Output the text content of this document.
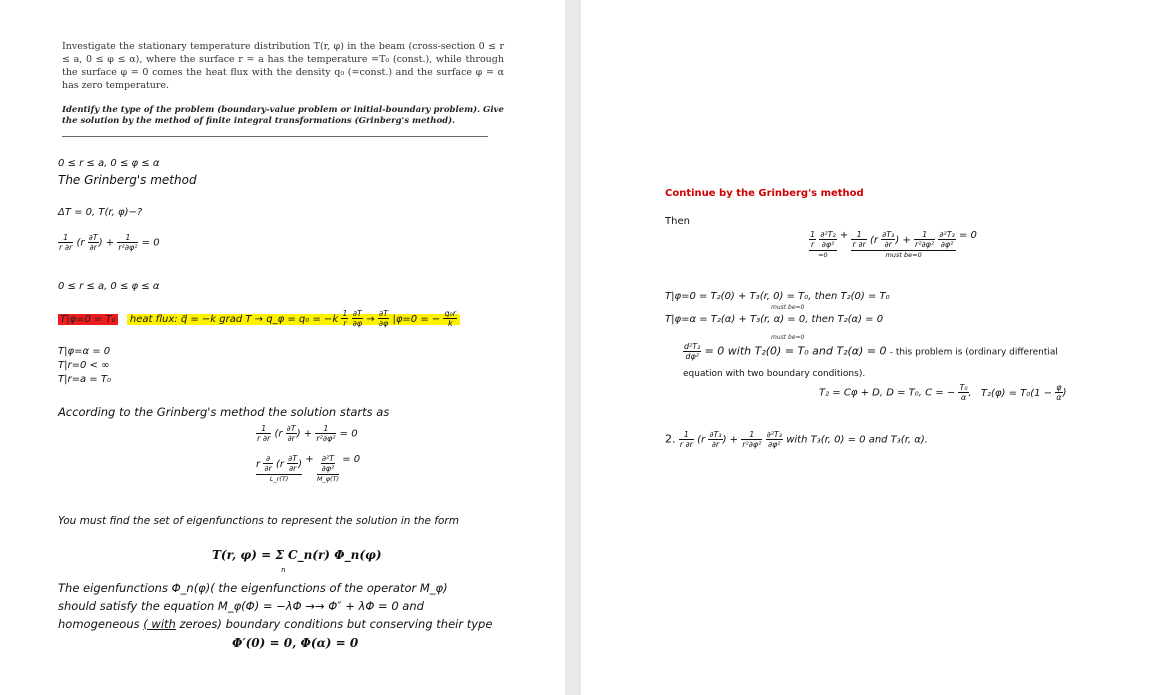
Investigate the stationary temperature distribution T(r, φ) in the beam (cross-section 0 ≤ r ≤ a, 0 ≤ φ ≤ α), where the surface r = a has the temperature =T₀ (const.), while through the surface φ = 0 comes the heat flux with the density q₀ (=const.) and the surface φ = α has zero temperature.
Identify the type of the problem (boundary-value problem or initial-boundary problem). Give the solution by the method of finite integral transformations (Grinberg's method).
0 ≤ r ≤ a, 0 ≤ φ ≤ α
The Grinberg's method
ΔT = 0, T(r, φ)−?
$\frac{1}{r \partial r} (r \frac{\partial T}{\partial r}$ ) + $\frac{1}{\text{r²∂φ²}} = 0$
0 ≤ r ≤ a, 0 ≤ φ ≤ α
T|φ=0 = T₀ heat flux: q⃗ = −k grad T → q_φ = $q_0 = -k \frac{1}{r}$
$\frac{\partial T}{\partial\varphi} \to \frac{\partial T}{\partial\varphi} |\varphi=0$ = − $\frac{\text{q₀r}}{k}$
T|φ=α = 0
T|r=0 < ∞
T|r=a = T₀
According to the Grinberg's method the solution starts as
$\frac{1}{r \partial r} (r \frac{\partial T}{\partial r}$ ) + $\frac{1}{\text{r²∂φ²}} = 0$
r $\frac{\partial}{\partial r} (r \frac{\partial T}{\partial r}$ )
L_r(T)
+ $\frac{\text{∂²T}}{\text{∂φ²}}$
M_φ(T)
= 0
You must find the set of eigenfunctions to represent the solution in the form
T(r, φ) = Σ C_n(r) Φ_n(φ)
n
The eigenfunctions Φ_n(φ)( the eigenfunctions of the operator M_φ)
should satisfy the equation M_φ(Φ) = −λΦ →→ Φ″ + λΦ = 0 and
homogeneous ( with zeroes) boundary conditions but conserving their type
Φ′(0) = 0, Φ(α) = 0
Continue by the Grinberg's method
Then
$\frac{1}{r}$
$\frac{\text{∂²T₂}}{\text{∂φ²}}$
=0
+ $\frac{1}{r \partial r} (r \frac{\text{∂T₃}}{\partial r}$ ) + $\frac{1}{\text{r²∂φ²}}$
$\frac{\text{∂²T₃}}{\text{∂φ²}}$
must be=0
= 0
T|φ=0 = T₂(0) + T₃(r, 0) = T₀, then T₂(0) = T₀
must be=0
T|φ=α = T₂(α) + T₃(r, α) = 0, then T₂(α) = 0
must be=0
$\frac{\text{d²T₂}}{\text{dφ²}} = 0$ with T₂(0) = T₀ and T₂(α) = 0 - this problem is (ordinary differential
equation with two boundary conditions).
T₂ = Cφ + D, D = T₀, C = − $\frac{\text{T₀}}{\alpha}$ , $T_2(\varphi) = T_0(1 - \frac{\varphi}{\alpha}$ )
2. $\frac{1}{r \partial r} (r \frac{\text{∂T₃}}{\partial r}$ ) + $\frac{1}{\text{r²∂φ²}}$
$\frac{\text{∂²T₃}}{\text{∂φ²}}$ with T₃(r, 0) = 0 and T₃(r, α).
